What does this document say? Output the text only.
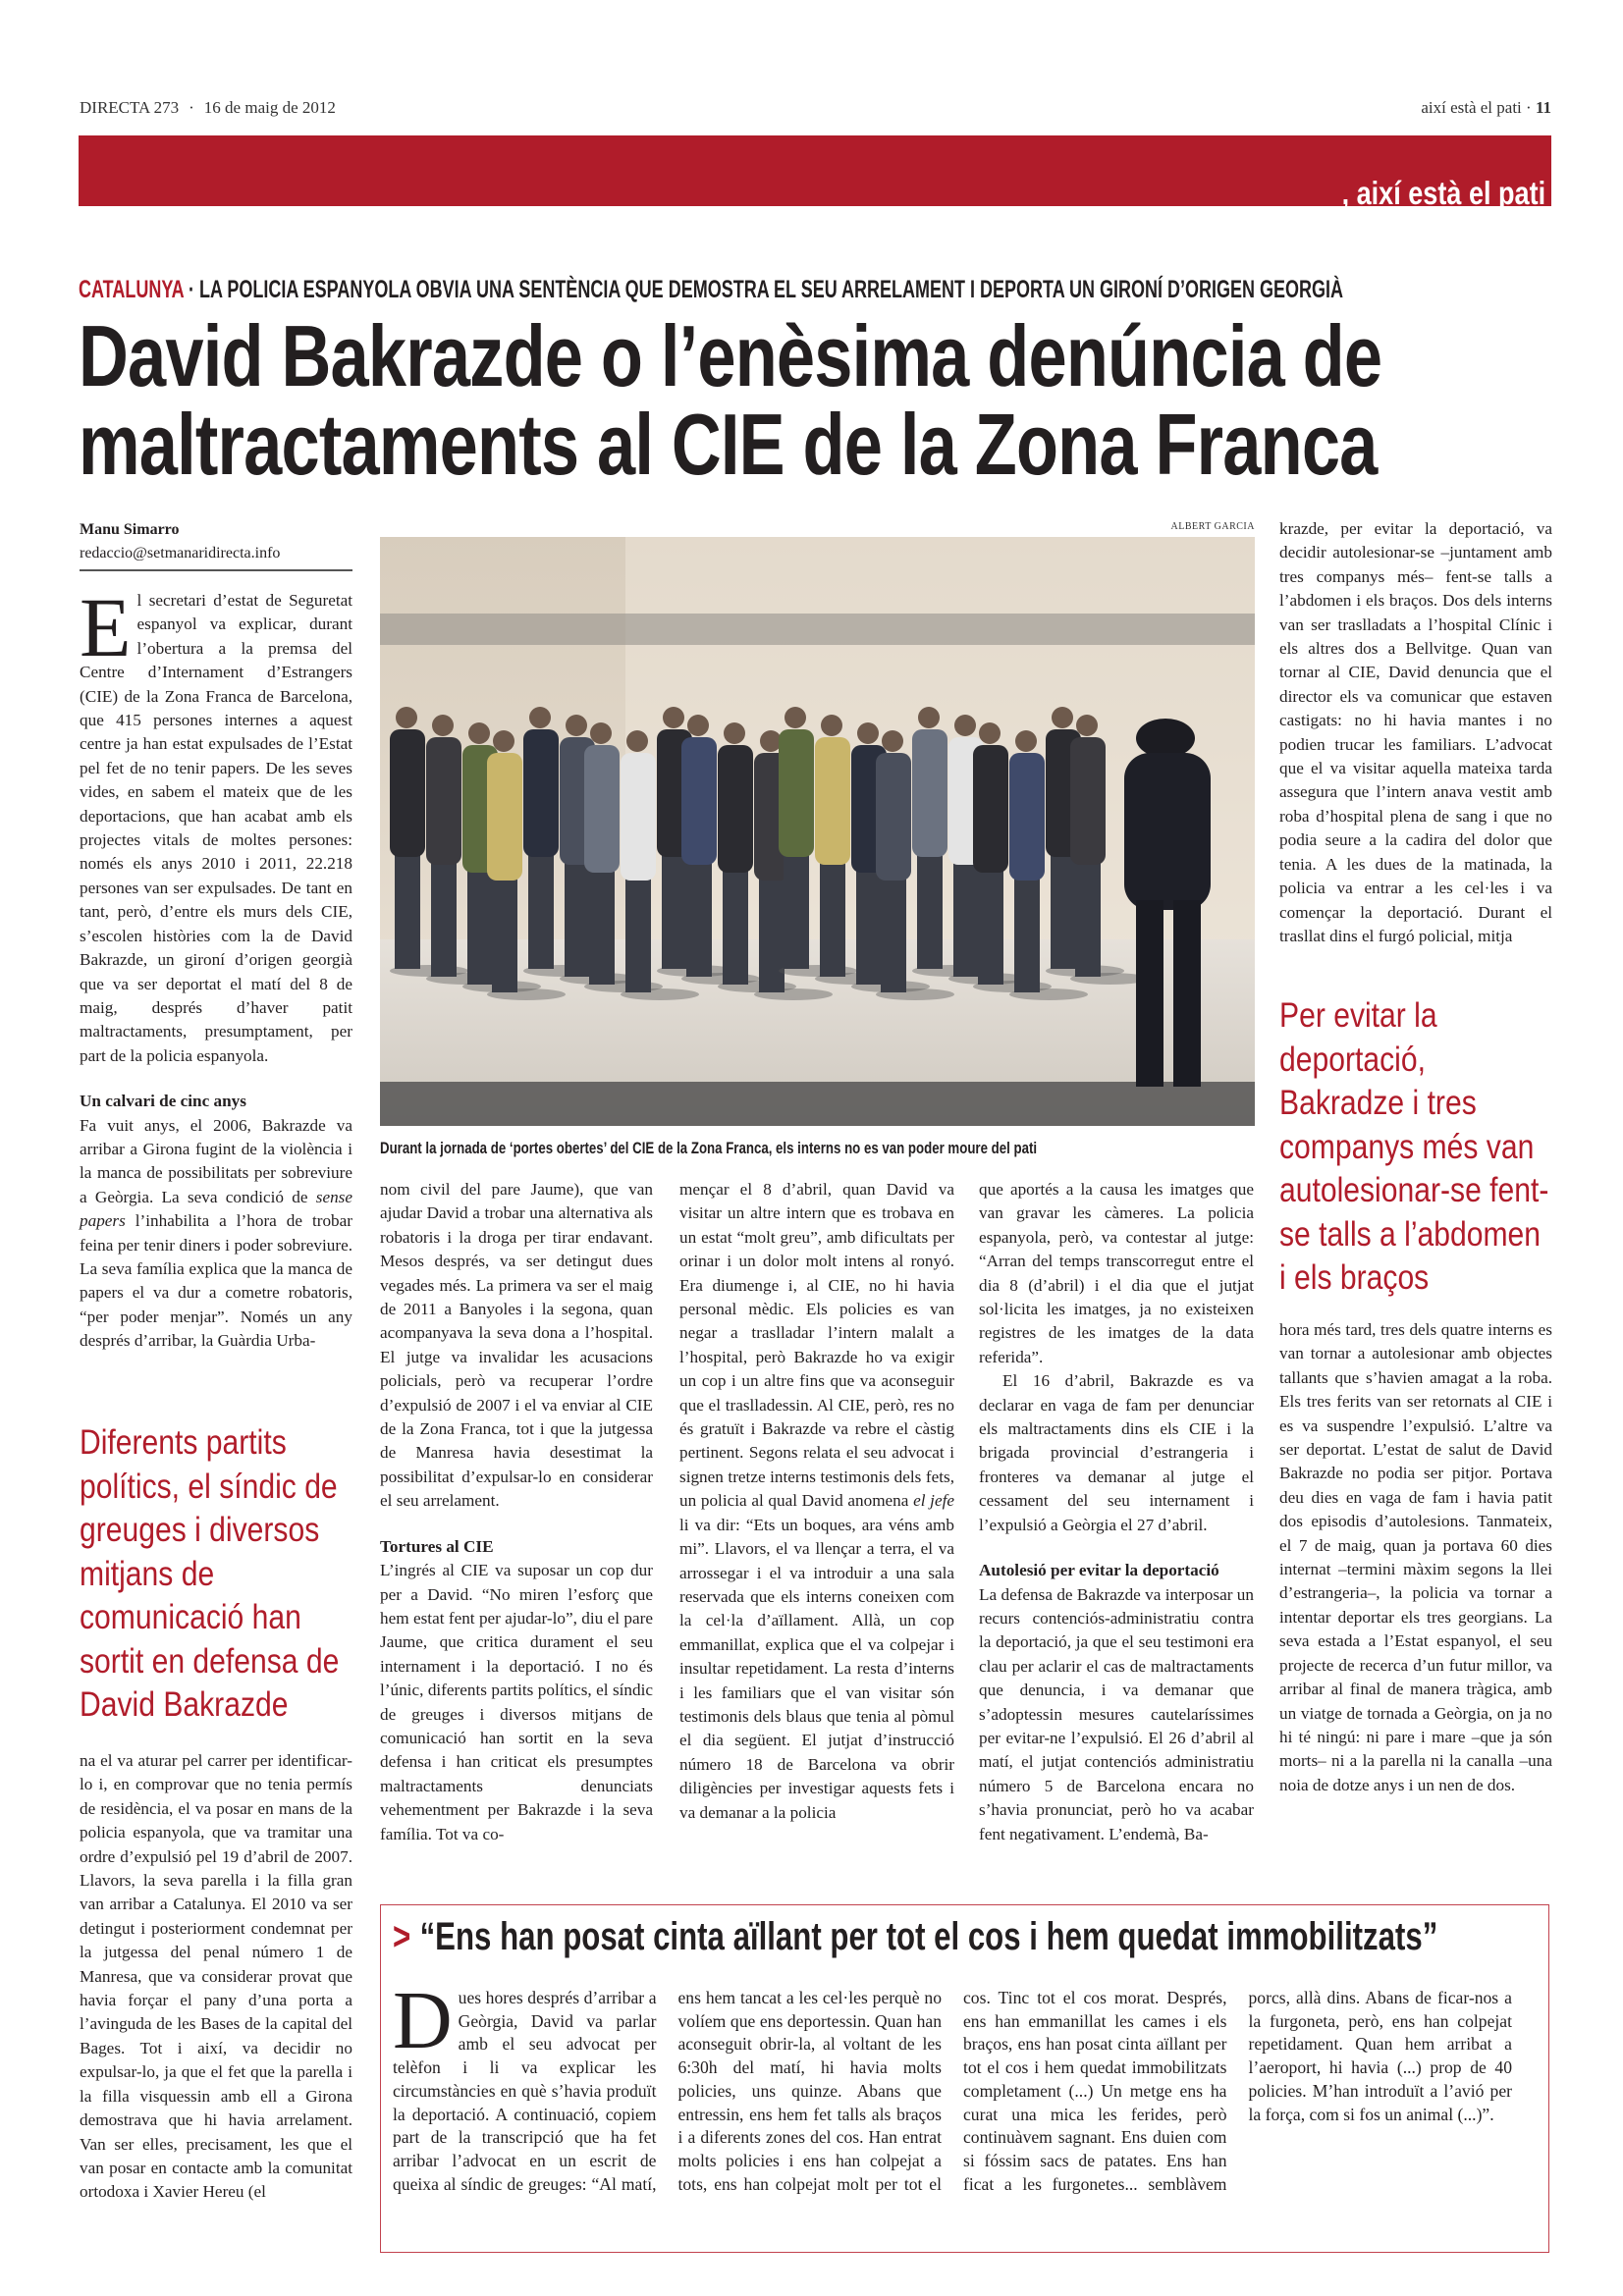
DIRECTA 273 · 16 de maig de 2012	així està el pati · 11
, així està el pati
CATALUNYA · LA POLICIA ESPANYOLA OBVIA UNA SENTÈNCIA QUE DEMOSTRA EL SEU ARRELAMENT I DEPORTA UN GIRONÍ D’ORIGEN GEORGIÀ
David Bakrazde o l’enèsima denúncia de
maltractaments al CIE de la Zona Franca
Manu Simarro
redaccio@setmanaridirecta.info

El secretari d’estat de Seguretat espanyol va explicar, durant l’obertura a la premsa del Centre d’Internament d’Estrangers (CIE) de la Zona Franca de Barcelona, que 415 persones internes a aquest centre ja han estat expulsades de l’Estat pel fet de no tenir papers. De les seves vides, en sabem el mateix que de les deportacions, que han acabat amb els projectes vitals de moltes persones: només els anys 2010 i 2011, 22.218 persones van ser expulsades. De tant en tant, però, d’entre els murs dels CIE, s’escolen històries com la de David Bakrazde, un gironí d’origen georgià que va ser deportat el matí del 8 de maig, després d’haver patit maltractaments, presumptament, per part de la policia espanyola.

Un calvari de cinc anys

Fa vuit anys, el 2006, Bakrazde va arribar a Girona fugint de la violència i la manca de possibilitats per sobreviure a Geòrgia. La seva condició de sense papers l’inhabilita a l’hora de trobar feina per tenir diners i poder sobreviure. La seva família explica que la manca de papers el va dur a cometre robatoris, “per poder menjar”. Només un any després d’arribar, la Guàrdia Urba-

Diferents partits polítics, el síndic de greuges i diversos mitjans de comunicació han sortit en defensa de David Bakrazde

na el va aturar pel carrer per identificar-lo i, en comprovar que no tenia permís de residència, el va posar en mans de la policia espanyola, que va tramitar una ordre d’expulsió pel 19 d’abril de 2007. Llavors, la seva parella i la filla gran van arribar a Catalunya. El 2010 va ser detingut i posteriorment condemnat per la jutgessa del penal número 1 de Manresa, que va considerar provat que havia forçar el pany d’una porta a l’avinguda de les Bases de la capital del Bages. Tot i així, va decidir no expulsar-lo, ja que el fet que la parella i la filla visquessin amb ell a Girona demostrava que hi havia arrelament. Van ser elles, precisament, les que el van posar en contacte amb la comunitat ortodoxa i Xavier Hereu (el

ALBERT GARCIA
Durant la jornada de ‘portes obertes’ del CIE de la Zona Franca, els interns no es van poder moure del pati

nom civil del pare Jaume), que van ajudar David a trobar una alternativa als robatoris i la droga per tirar endavant. Mesos després, va ser detingut dues vegades més. La primera va ser el maig de 2011 a Banyoles i la segona, quan acompanyava la seva dona a l’hospital. El jutge va invalidar les acusacions policials, però va recuperar l’ordre d’expulsió de 2007 i el va enviar al CIE de la Zona Franca, tot i que la jutgessa de Manresa havia desestimat la possibilitat d’expulsar-lo en considerar el seu arrelament.

Tortures al CIE

L’ingrés al CIE va suposar un cop dur per a David. “No miren l’esforç que hem estat fent per ajudar-lo”, diu el pare Jaume, que critica durament el seu internament i la deportació. I no és l’únic, diferents partits polítics, el síndic de greuges i diversos mitjans de comunicació han sortit en la seva defensa i han criticat els presumptes maltractaments denunciats vehementment per Bakrazde i la seva família. Tot va co-

mençar el 8 d’abril, quan David va visitar un altre intern que es trobava en un estat “molt greu”, amb dificultats per orinar i un dolor molt intens al ronyó. Era diumenge i, al CIE, no hi havia personal mèdic. Els policies es van negar a traslladar l’intern malalt a l’hospital, però Bakrazde ho va exigir un cop i un altre fins que va aconseguir que el traslladessin. Al CIE, però, res no és gratuït i Bakrazde va rebre el càstig pertinent. Segons relata el seu advocat i signen tretze interns testimonis dels fets, un policia al qual David anomena el jefe li va dir: “Ets un boques, ara véns amb mi”. Llavors, el va llençar a terra, el va arrossegar i el va introduir a una sala reservada que els interns coneixen com la cel·la d’aïllament. Allà, un cop emmanillat, explica que el va colpejar i insultar repetidament. La resta d’interns i les familiars que el van visitar són testimonis dels blaus que tenia al pòmul el dia següent. El jutjat d’instrucció número 18 de Barcelona va obrir diligències per investigar aquests fets i va demanar a la policia

que aportés a la causa les imatges que van gravar les càmeres. La policia espanyola, però, va contestar al jutge: “Arran del temps transcorregut entre el dia 8 (d’abril) i el dia que el jutjat sol·licita les imatges, ja no existeixen registres de les imatges de la data referida”.

El 16 d’abril, Bakrazde es va declarar en vaga de fam per denunciar els maltractaments dins els CIE i la brigada provincial d’estrangeria i fronteres va demanar al jutge el cessament del seu internament i l’expulsió a Geòrgia el 27 d’abril.

Autolesió per evitar la deportació

La defensa de Bakrazde va interposar un recurs contenciós-administratiu contra la deportació, ja que el seu testimoni era clau per aclarir el cas de maltractaments que denuncia, i va demanar que s’adoptessin mesures cautelaríssimes per evitar-ne l’expulsió. El 26 d’abril al matí, el jutjat contenciós administratiu número 5 de Barcelona encara no s’havia pronunciat, però ho va acabar fent negativament. L’endemà, Ba-

krazde, per evitar la deportació, va decidir autolesionar-se –juntament amb tres companys més– fent-se talls a l’abdomen i els braços. Dos dels interns van ser traslladats a l’hospital Clínic i els altres dos a Bellvitge. Quan van tornar al CIE, David denuncia que el director els va comunicar que estaven castigats: no hi havia mantes i no podien trucar les familiars. L’advocat que el va visitar aquella mateixa tarda assegura que l’intern anava vestit amb roba d’hospital plena de sang i que no podia seure a la cadira del dolor que tenia. A les dues de la matinada, la policia va entrar a les cel·les i va començar la deportació. Durant el trasllat dins el furgó policial, mitja

Per evitar la deportació, Bakradze i tres companys més van autolesionar-se fent-se talls a l’abdomen i els braços

hora més tard, tres dels quatre interns es van tornar a autolesionar amb objectes tallants que s’havien amagat a la roba. Els tres ferits van ser retornats al CIE i es va suspendre l’expulsió. L’altre va ser deportat. L’estat de salut de David Bakrazde no podia ser pitjor. Portava deu dies en vaga de fam i havia patit dos episodis d’autolesions. Tanmateix, el 7 de maig, quan ja portava 60 dies internat –termini màxim segons la llei d’estrangeria–, la policia va tornar a intentar deportar els tres georgians. La seva estada a l’Estat espanyol, el seu projecte de recerca d’un futur millor, va arribar al final de manera tràgica, amb un viatge de tornada a Geòrgia, on ja no hi té ningú: ni pare i mare –que ja són morts– ni a la parella ni la canalla –una noia de dotze anys i un nen de dos.

> “Ens han posat cinta aïllant per tot el cos i hem quedat immobilitzats”

Dues hores després d’arribar a Geòrgia, David va parlar amb el seu advocat per telèfon i li va explicar les circumstàncies en què s’havia produït la deportació. A continuació, copiem part de la transcripció que ha fet arribar l’advocat en un escrit de queixa al síndic de greuges: “Al matí, ens hem tancat a les cel·les perquè no volíem que ens deportessin. Quan han aconseguit obrir-la, al voltant de les 6:30h del matí, hi havia molts policies, uns quinze. Abans que entressin, ens hem fet talls als braços i a diferents zones del cos. Han entrat molts policies i ens han colpejat a tots, ens han colpejat molt per tot el cos. Tinc tot el cos morat. Després, ens han emmanillat les cames i els braços, ens han posat cinta aïllant per tot el cos i hem quedat immobilitzats completament (...) Un metge ens ha curat una mica les ferides, però continuàvem sagnant. Ens duien com si fóssim sacs de patates. Ens han ficat a les furgonetes... semblàvem porcs, allà dins. Abans de ficar-nos a la furgoneta, però, ens han colpejat repetidament. Quan hem arribat a l’aeroport, hi havia (...) prop de 40 policies. M’han introduït a l’avió per la força, com si fos un animal (...)”.
